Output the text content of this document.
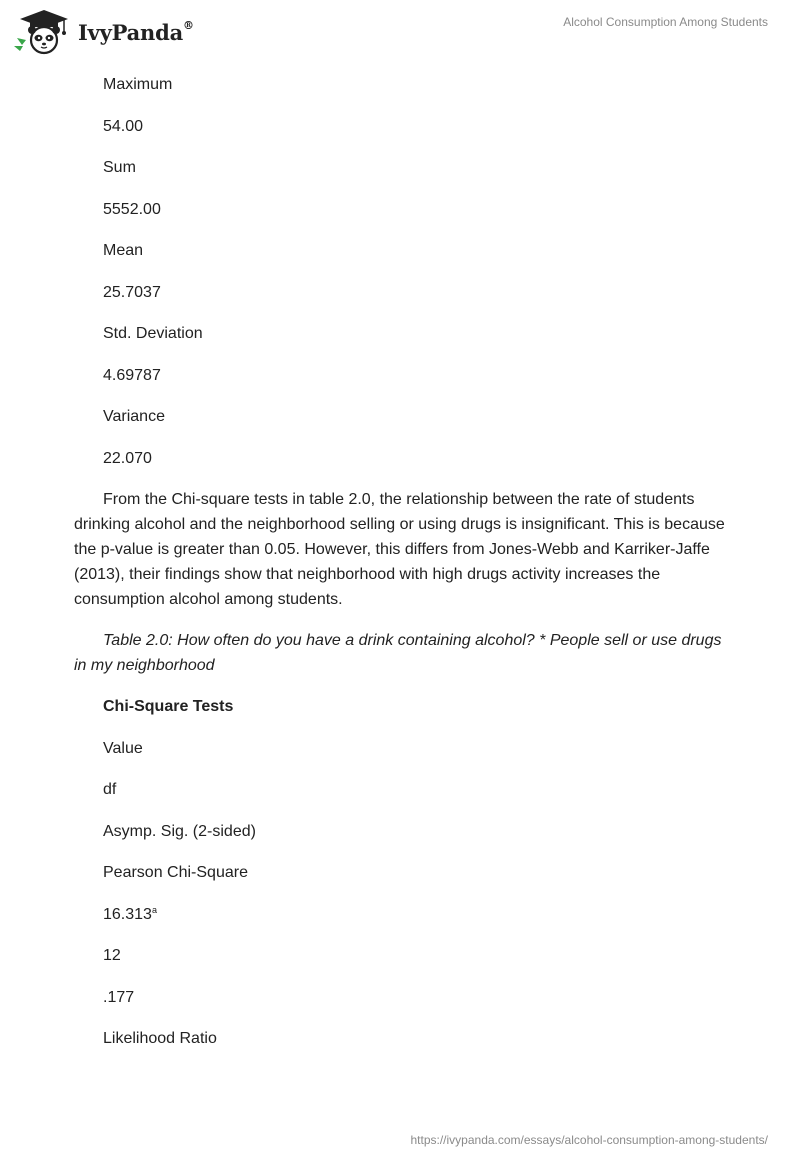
IvyPanda®	Alcohol Consumption Among Students
Maximum
54.00
Sum
5552.00
Mean
25.7037
Std. Deviation
4.69787
Variance
22.070

From the Chi-square tests in table 2.0, the relationship between the rate of students drinking alcohol and the neighborhood selling or using drugs is insignificant. This is because the p-value is greater than 0.05. However, this differs from Jones-Webb and Karriker-Jaffe (2013), their findings show that neighborhood with high drugs activity increases the consumption alcohol among students.

Table 2.0: How often do you have a drink containing alcohol? * People sell or use drugs in my neighborhood

Chi-Square Tests
Value
df
Asymp. Sig. (2-sided)
Pearson Chi-Square
16.313$^a$
12
.177
Likelihood Ratio
https://ivypanda.com/essays/alcohol-consumption-among-students/
